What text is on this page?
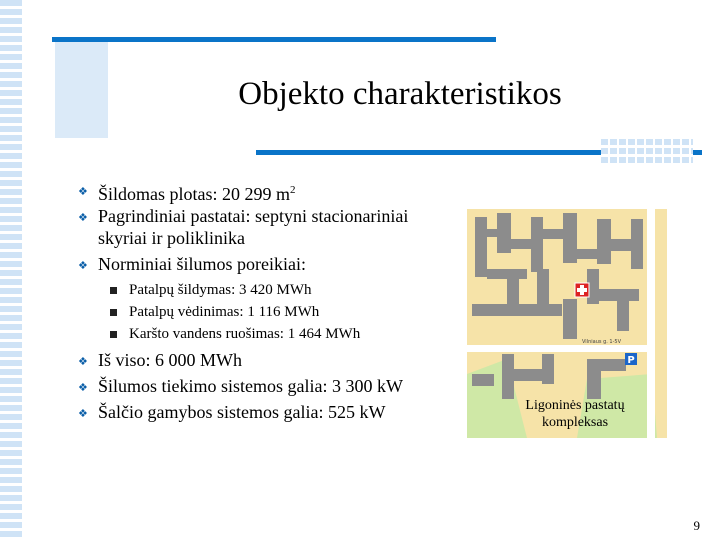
Objekto charakteristikos
❖ Šildomas plotas: 20 299 $m^2$
❖ Pagrindiniai pastatai: septyni stacionariniai
skyriai ir poliklinika
❖ Norminiai šilumos poreikiai:
Patalpų šildymas: 3 420 MWh
Patalpų vėdinimas: 1 116 MWh
Karšto vandens ruošimas: 1 464 MWh
❖ Iš viso: 6 000 MWh
❖ Šilumos tiekimo sistemos galia: 3 300 kW
❖ Šalčio gamybos sistemos galia: 525 kW
P
Vilniaus g. 1-5V
Ligoninės pastatų
kompleksas
9
